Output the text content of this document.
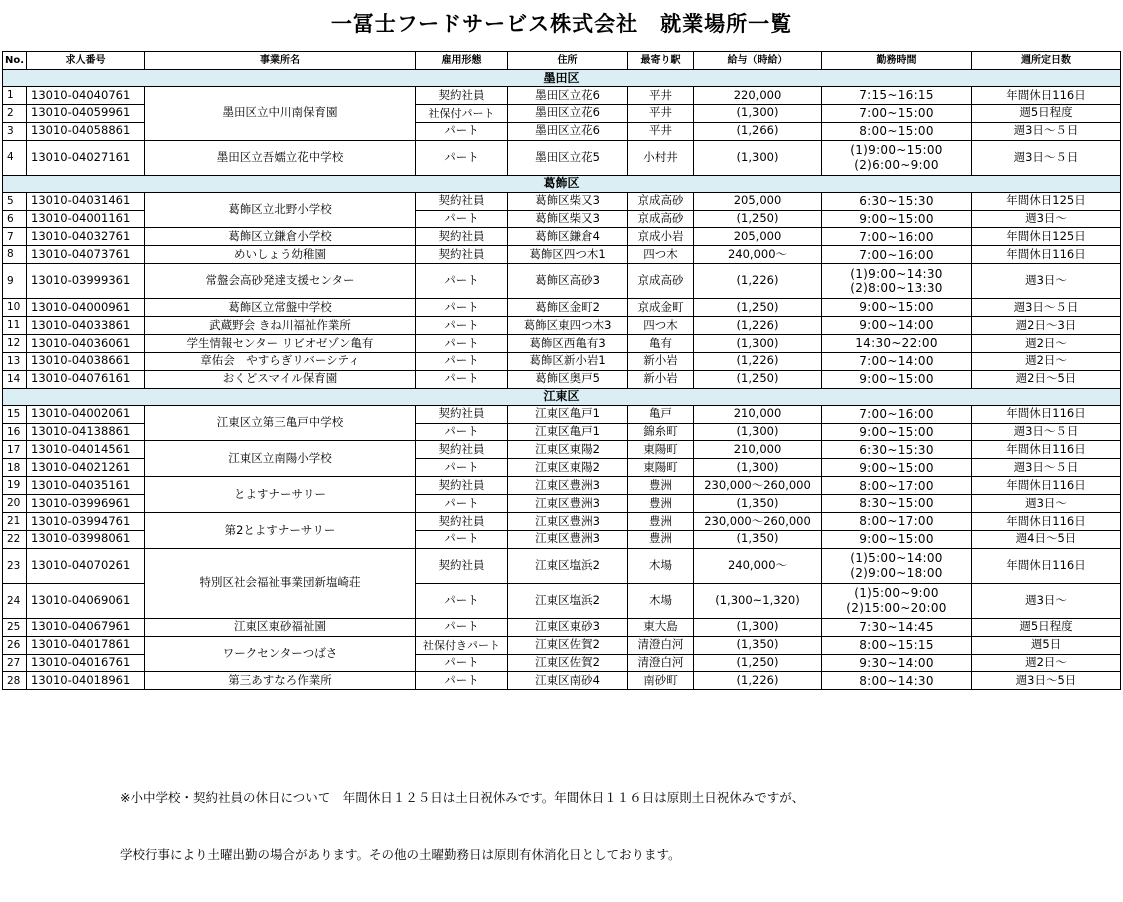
一冨士フードサービス株式会社　就業場所一覧
No.	求人番号	事業所名	雇用形態	住所	最寄り駅	給与（時給）	勤務時間	週所定日数
墨田区								
1	13010-04040761	墨田区立中川南保育園	契約社員	墨田区立花6	平井	220,000	7:15~16:15	年間休日116日
2	13010-04059961		社保付パート	墨田区立花6	平井	(1,300)	7:00~15:00	週5日程度
3	13010-04058861		パート	墨田区立花6	平井	(1,266)	8:00~15:00	週3日～５日
4	13010-04027161	墨田区立吾嬬立花中学校	パート	墨田区立花5	小村井	(1,300)	(1)9:00~15:00
(2)6:00~9:00	週3日～５日
葛飾区								
5	13010-04031461	葛飾区立北野小学校	契約社員	葛飾区柴又3	京成高砂	205,000	6:30~15:30	年間休日125日
6	13010-04001161		パート	葛飾区柴又3	京成高砂	(1,250)	9:00~15:00	週3日～
7	13010-04032761	葛飾区立鎌倉小学校	契約社員	葛飾区鎌倉4	京成小岩	205,000	7:00~16:00	年間休日125日
8	13010-04073761	めいしょう幼稚園	契約社員	葛飾区四つ木1	四つ木	240,000～	7:00~16:00	年間休日116日
9	13010-03999361	常盤会高砂発達支援センター	パート	葛飾区高砂3	京成高砂	(1,226)	(1)9:00~14:30
(2)8:00~13:30	週3日～
10	13010-04000961	葛飾区立常盤中学校	パート	葛飾区金町2	京成金町	(1,250)	9:00~15:00	週3日～５日
11	13010-04033861	武蔵野会 きね川福祉作業所	パート	葛飾区東四つ木3	四つ木	(1,226)	9:00~14:00	週2日～3日
12	13010-04036061	学生情報センター リビオゼゾン亀有	パート	葛飾区西亀有3	亀有	(1,300)	14:30~22:00	週2日～
13	13010-04038661	章佑会　やすらぎリバーシティ	パート	葛飾区新小岩1	新小岩	(1,226)	7:00~14:00	週2日～
14	13010-04076161	おくどスマイル保育園	パート	葛飾区奥戸5	新小岩	(1,250)	9:00~15:00	週2日～5日
江東区								
15	13010-04002061	江東区立第三亀戸中学校	契約社員	江東区亀戸1	亀戸	210,000	7:00~16:00	年間休日116日
16	13010-04138861		パート	江東区亀戸1	錦糸町	(1,300)	9:00~15:00	週3日～５日
17	13010-04014561	江東区立南陽小学校	契約社員	江東区東陽2	東陽町	210,000	6:30~15:30	年間休日116日
18	13010-04021261		パート	江東区東陽2	東陽町	(1,300)	9:00~15:00	週3日～５日
19	13010-04035161	とよすナーサリー	契約社員	江東区豊洲3	豊洲	230,000～260,000	8:00~17:00	年間休日116日
20	13010-03996961		パート	江東区豊洲3	豊洲	(1,350)	8:30~15:00	週3日～
21	13010-03994761	第2とよすナーサリー	契約社員	江東区豊洲3	豊洲	230,000～260,000	8:00~17:00	年間休日116日
22	13010-03998061		パート	江東区豊洲3	豊洲	(1,350)	9:00~15:00	週4日～5日
23	13010-04070261	特別区社会福祉事業団新塩崎荘	契約社員	江東区塩浜2	木場	240,000～	(1)5:00~14:00
(2)9:00~18:00	年間休日116日
24	13010-04069061		パート	江東区塩浜2	木場	(1,300~1,320)	(1)5:00~9:00
(2)15:00~20:00	週3日～
25	13010-04067961	江東区東砂福祉園	パート	江東区東砂3	東大島	(1,300)	7:30~14:45	週5日程度
26	13010-04017861	ワークセンターつばさ	社保付きパート	江東区佐賀2	清澄白河	(1,350)	8:00~15:15	週5日
27	13010-04016761		パート	江東区佐賀2	清澄白河	(1,250)	9:30~14:00	週2日～
28	13010-04018961	第三あすなろ作業所	パート	江東区南砂4	南砂町	(1,226)	8:00~14:30	週3日～5日

※小中学校・契約社員の休日について　年間休日１２５日は土日祝休みです。年間休日１１６日は原則土日祝休みですが、

学校行事により土曜出勤の場合があります。その他の土曜勤務日は原則有休消化日としております。
